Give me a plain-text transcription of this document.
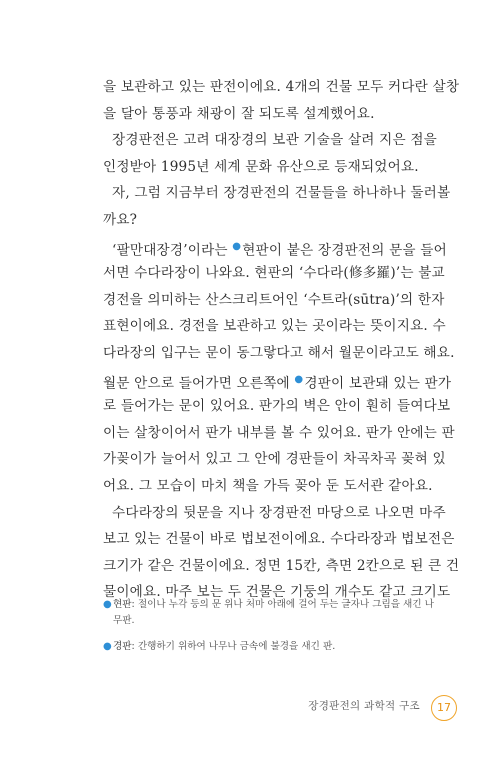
을 보관하고 있는 판전이에요. 4개의 건물 모두 커다란 살창
을 달아 통풍과 채광이 잘 되도록 설계했어요.
장경판전은 고려 대장경의 보관 기술을 살려 지은 점을
인정받아 1995년 세계 문화 유산으로 등재되었어요.
자, 그럼 지금부터 장경판전의 건물들을 하나하나 둘러볼
까요?
‘팔만대장경’이라는 ●현판이 붙은 장경판전의 문을 들어
서면 수다라장이 나와요. 현판의 ‘수다라(修多羅)’는 불교
경전을 의미하는 산스크리트어인 ‘수트라(sūtra)’의 한자
표현이에요. 경전을 보관하고 있는 곳이라는 뜻이지요. 수
다라장의 입구는 문이 동그랗다고 해서 월문이라고도 해요.
월문 안으로 들어가면 오른쪽에 ●경판이 보관돼 있는 판가
로 들어가는 문이 있어요. 판가의 벽은 안이 훤히 들여다보
이는 살창이어서 판가 내부를 볼 수 있어요. 판가 안에는 판
가꽂이가 늘어서 있고 그 안에 경판들이 차곡차곡 꽂혀 있
어요. 그 모습이 마치 책을 가득 꽂아 둔 도서관 같아요.
수다라장의 뒷문을 지나 장경판전 마당으로 나오면 마주
보고 있는 건물이 바로 법보전이에요. 수다라장과 법보전은
크기가 같은 건물이에요. 정면 15칸, 측면 2칸으로 된 큰 건
물이에요. 마주 보는 두 건물은 기둥의 개수도 같고 크기도
● 현판: 절이나 누각 등의 문 위나 처마 아래에 걸어 두는 글자나 그림을 새긴 나무판.
● 경판: 간행하기 위하여 나무나 금속에 불경을 새긴 판.
장경판전의 과학적 구조	17
